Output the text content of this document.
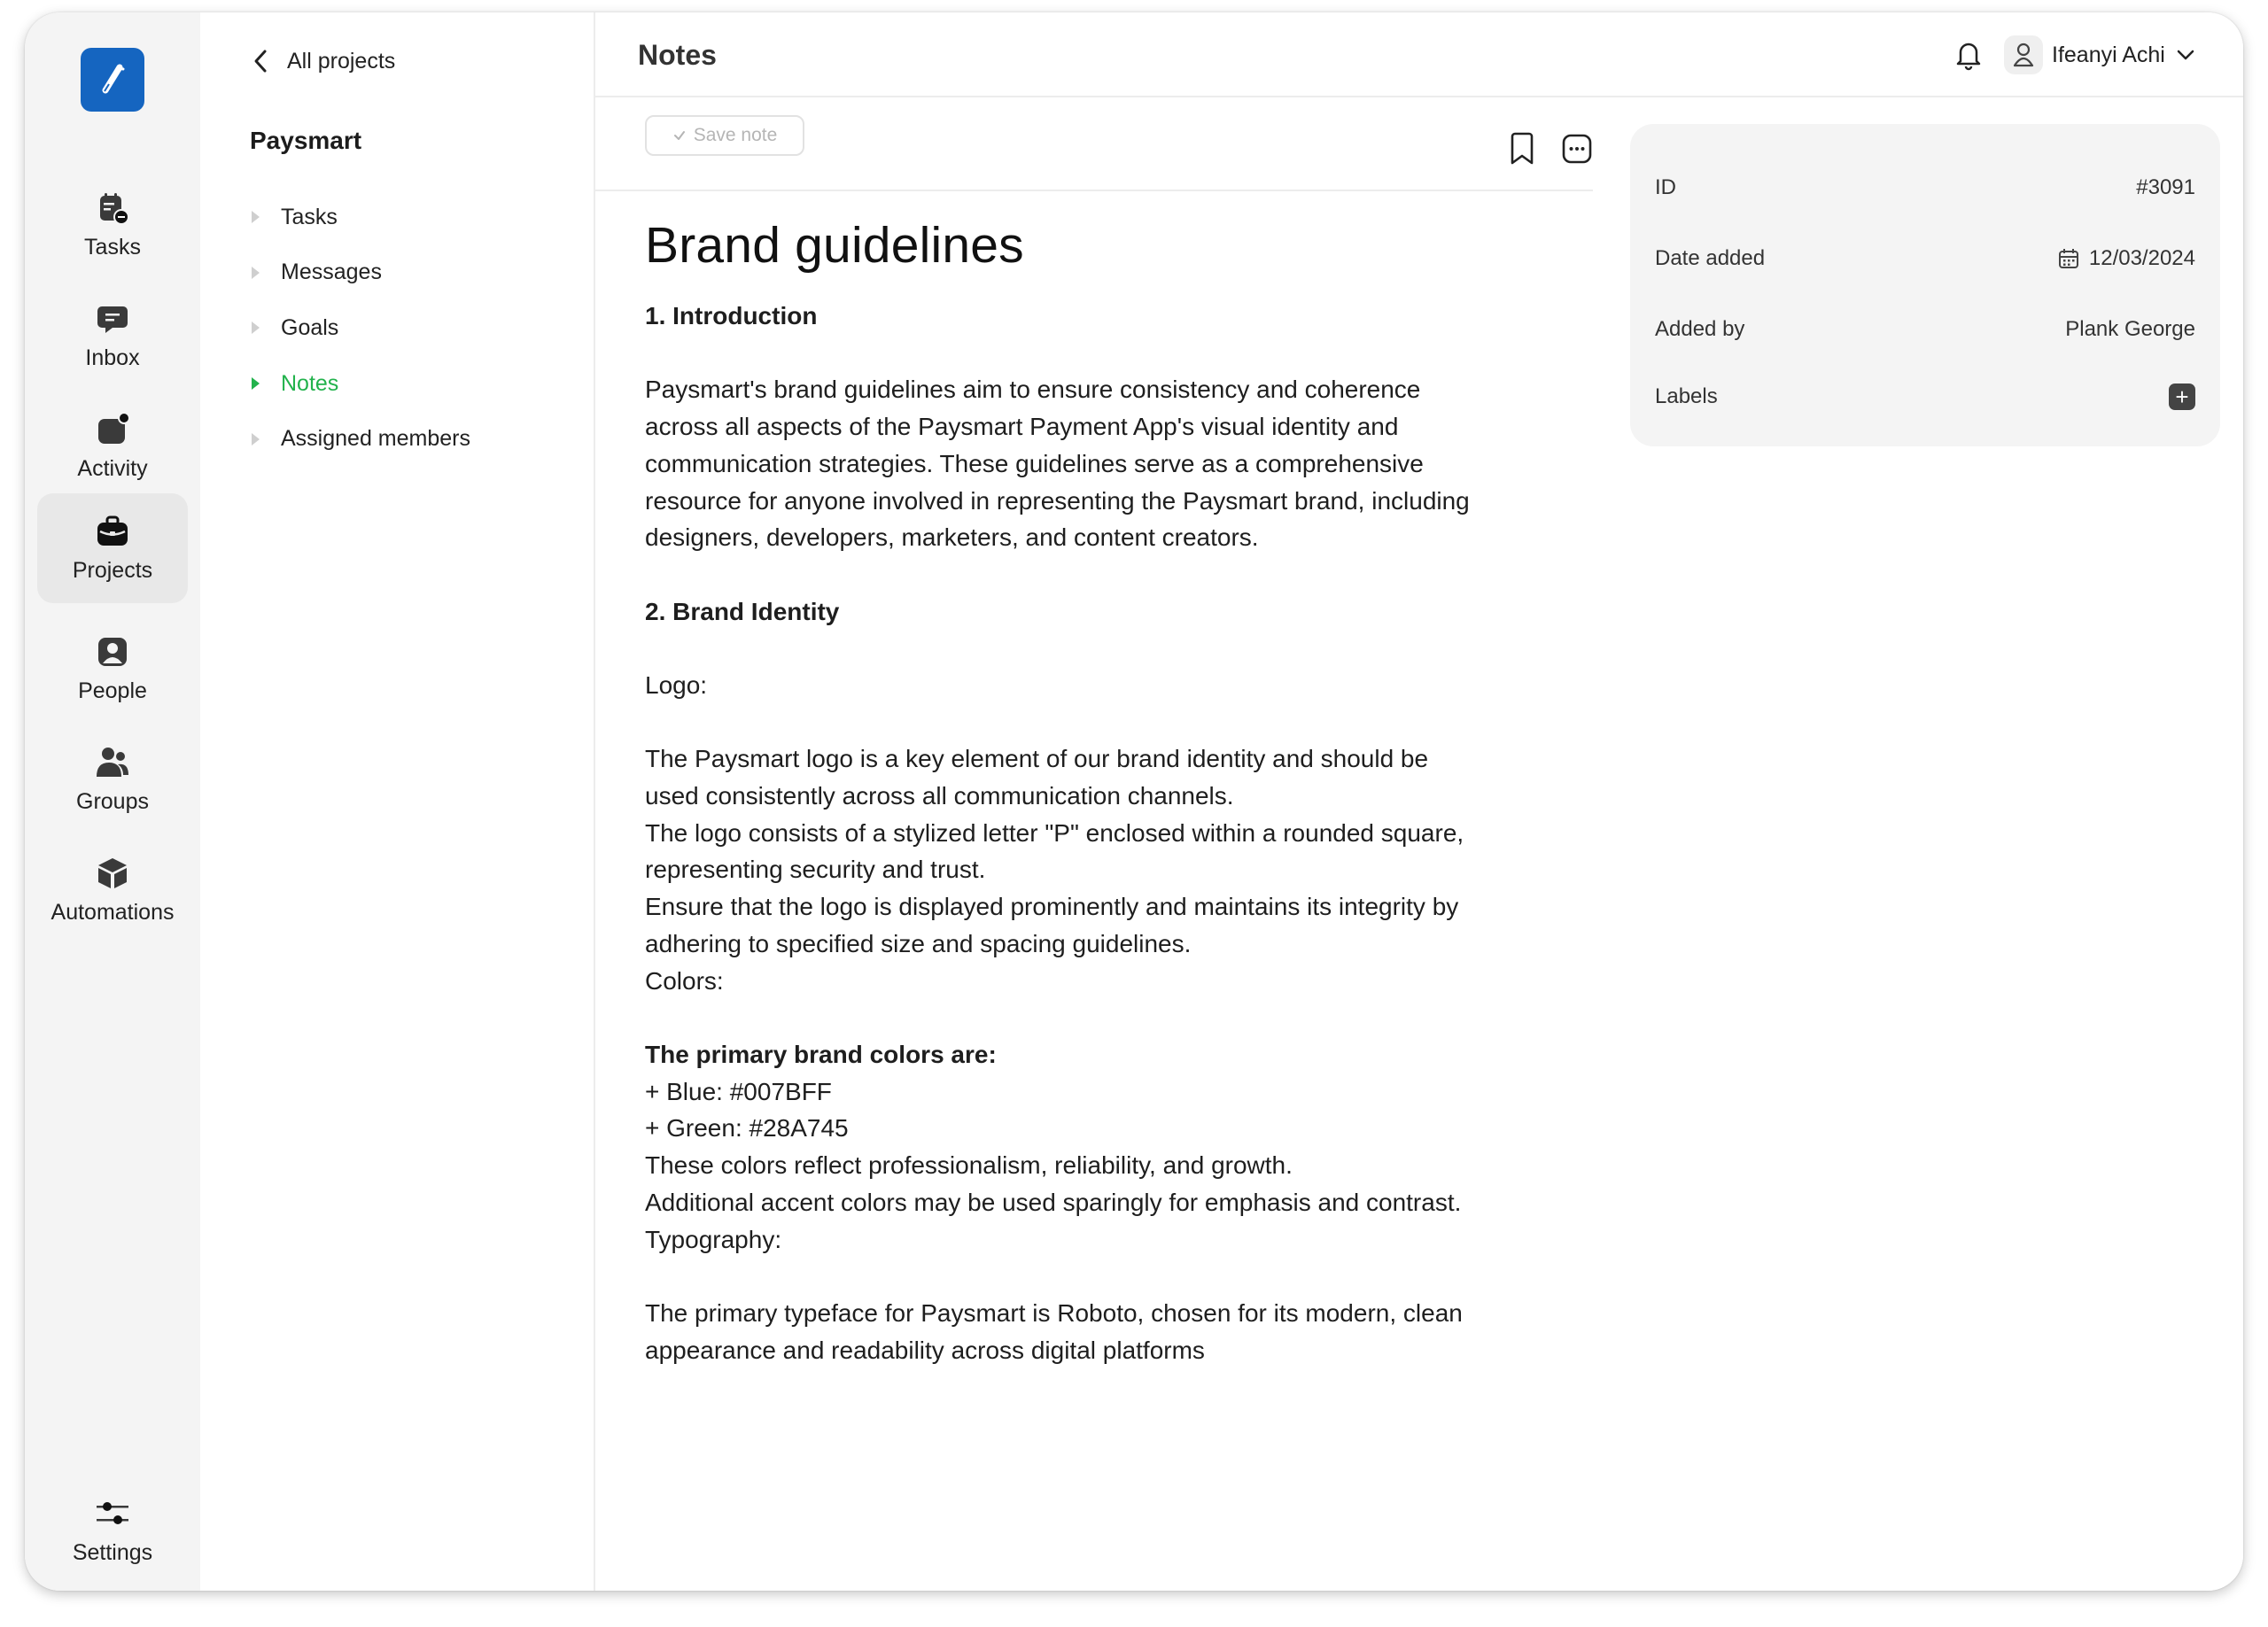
Tasks
Inbox
Activity
Projects
People
Groups
Automations
Settings
All projects
Paysmart
Tasks
Messages
Goals
Notes
Assigned members
Notes	Ifeanyi Achi
Save note
Brand guidelines
1. Introduction
Paysmart's brand guidelines aim to ensure consistency and coherence
across all aspects of the Paysmart Payment App's visual identity and
communication strategies. These guidelines serve as a comprehensive
resource for anyone involved in representing the Paysmart brand, including
designers, developers, marketers, and content creators.
2. Brand Identity
Logo:
The Paysmart logo is a key element of our brand identity and should be
used consistently across all communication channels.
The logo consists of a stylized letter "P" enclosed within a rounded square,
representing security and trust.
Ensure that the logo is displayed prominently and maintains its integrity by
adhering to specified size and spacing guidelines.
Colors:
The primary brand colors are:
+ Blue: #007BFF
+ Green: #28A745
These colors reflect professionalism, reliability, and growth.
Additional accent colors may be used sparingly for emphasis and contrast.
Typography:
The primary typeface for Paysmart is Roboto, chosen for its modern, clean
appearance and readability across digital platforms
ID	#3091
Date added	12/03/2024
Added by	Plank George
Labels	+
